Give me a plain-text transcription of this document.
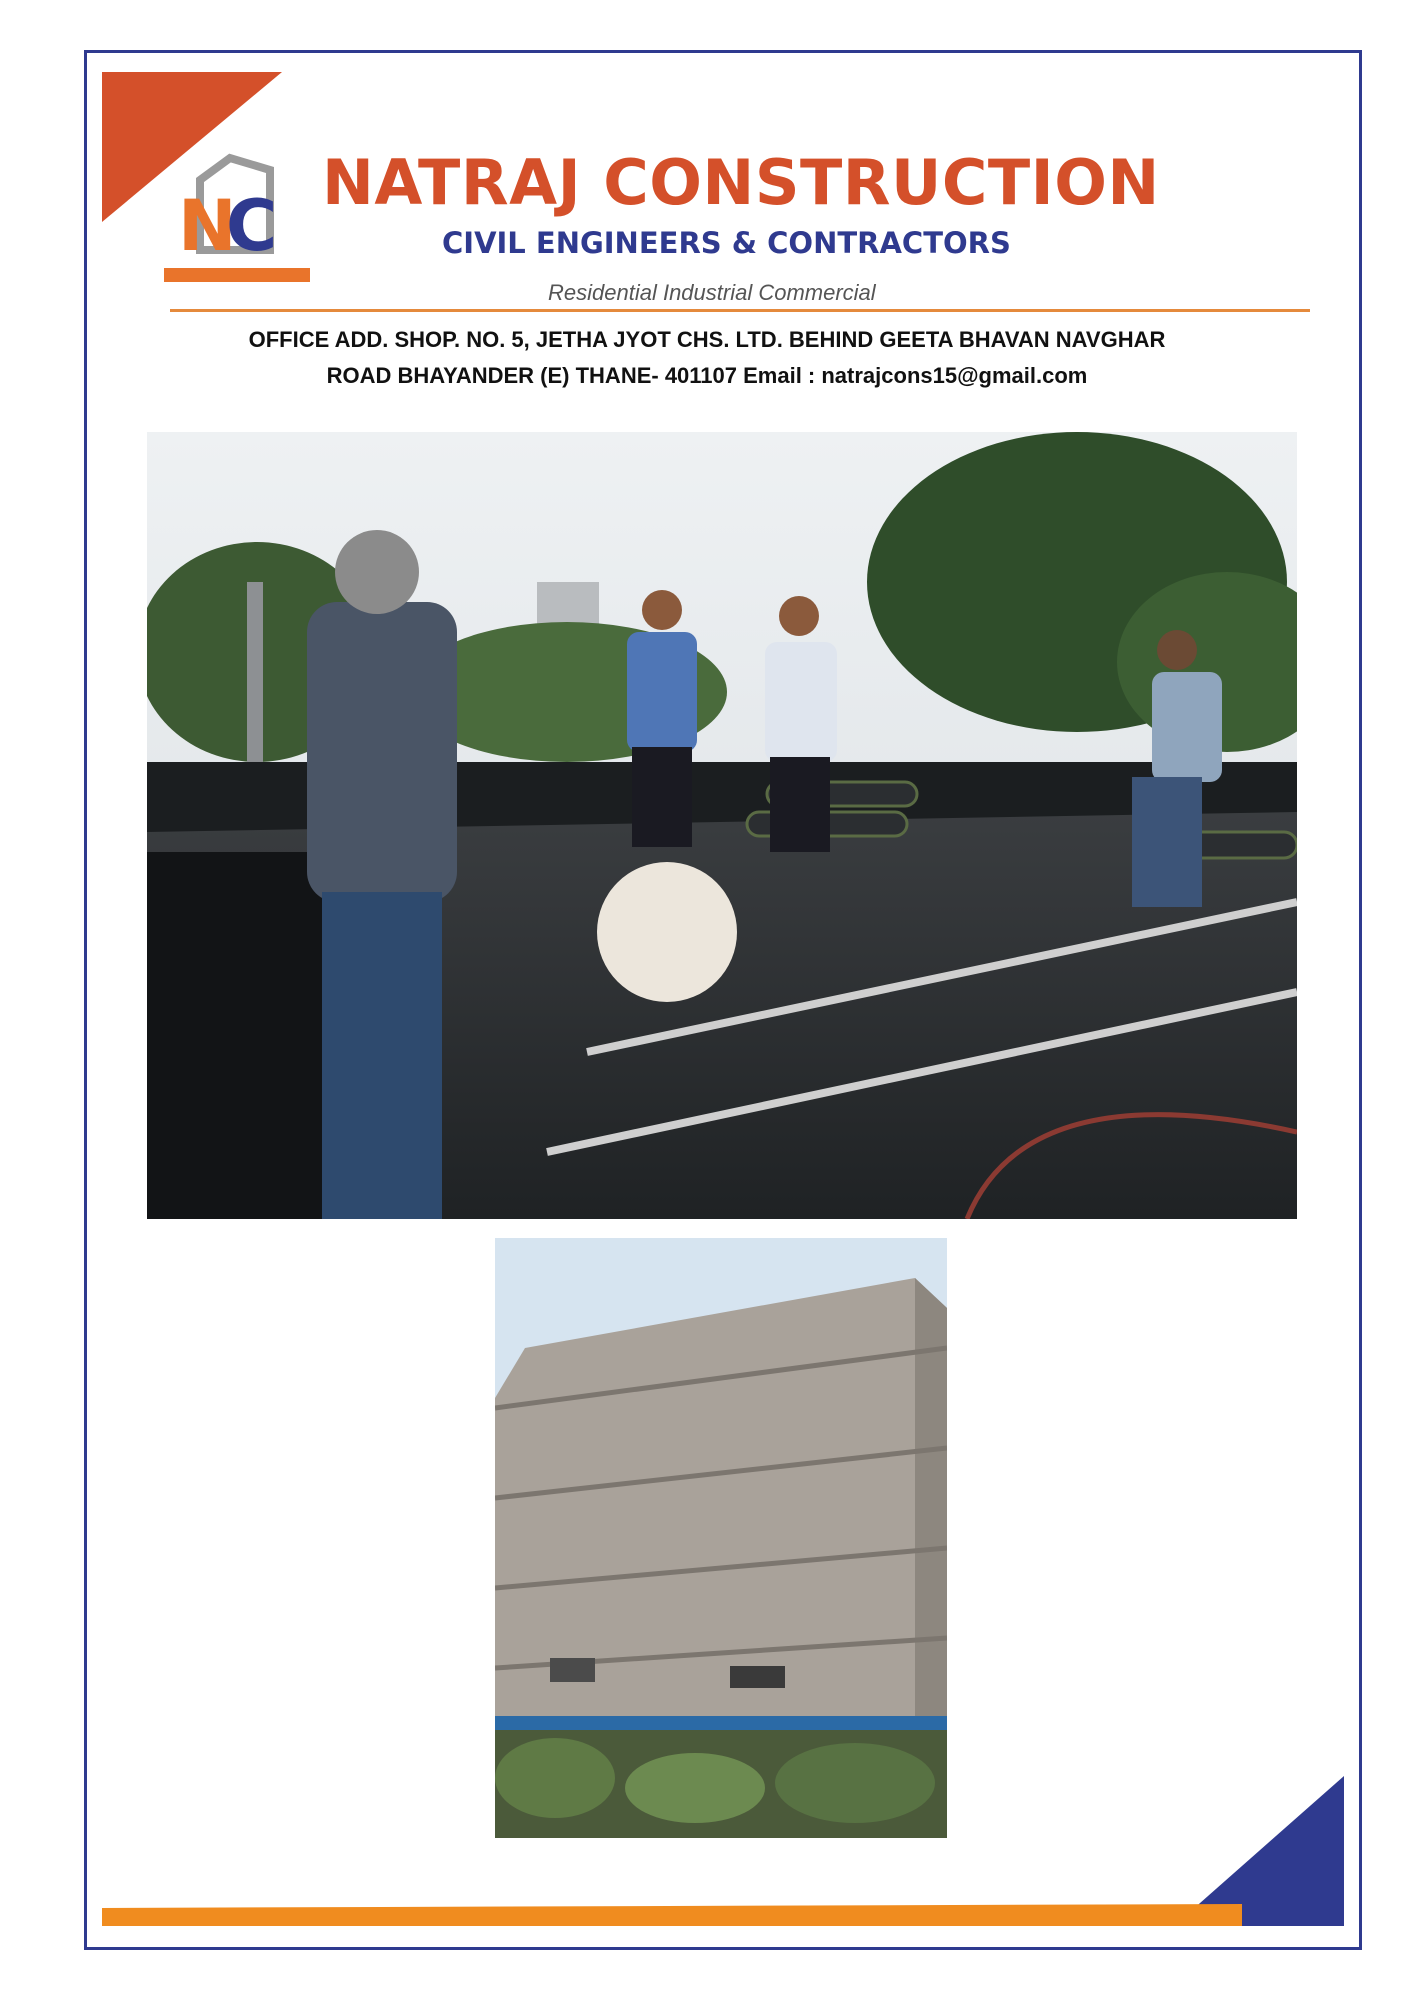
N
C
NATRAJ CONSTRUCTION
CIVIL ENGINEERS & CONTRACTORS
Residential Industrial Commercial
OFFICE ADD. SHOP. NO. 5, JETHA JYOT CHS. LTD. BEHIND GEETA BHAVAN NAVGHAR
ROAD BHAYANDER (E) THANE- 401107 Email : natrajcons15@gmail.com
